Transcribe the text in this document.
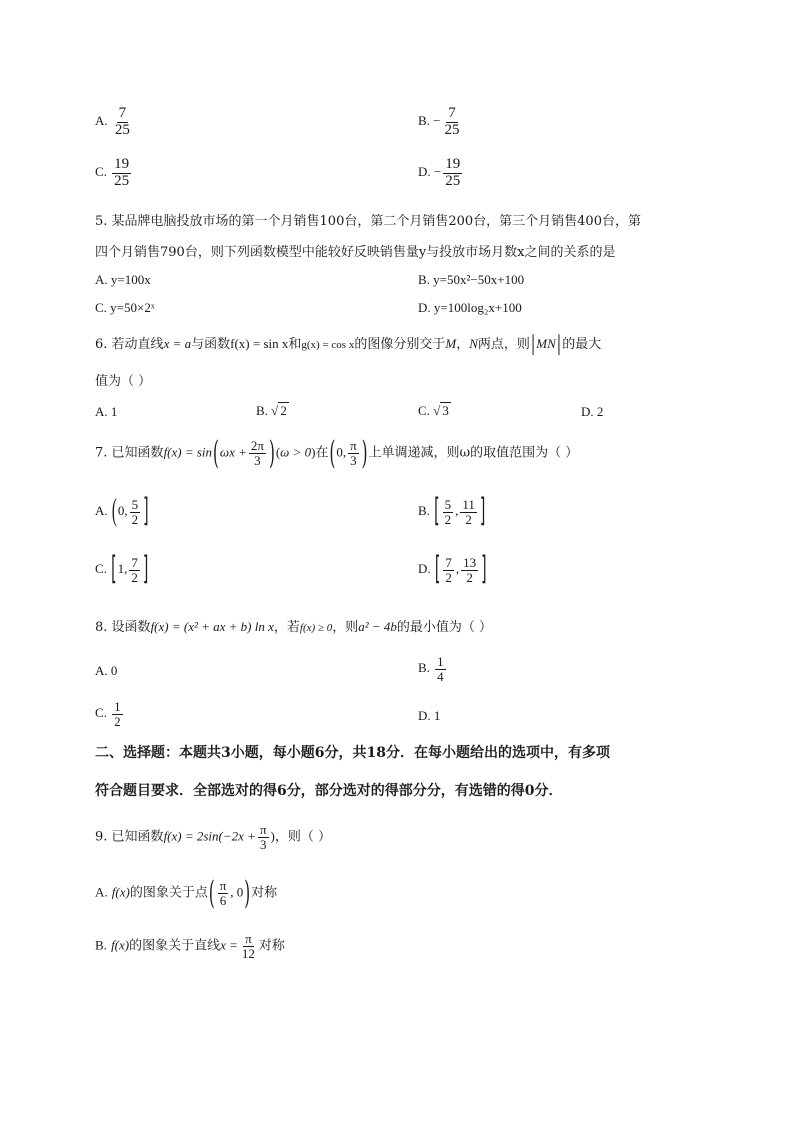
A. $\frac{7}{25}$	B. − $\frac{7}{25}$
C. $\frac{19}{25}$	D. − $\frac{19}{25}$
5. 某品牌电脑投放市场的第一个月销售100台，第二个月销售200台，第三个月销售400台，第
四个月销售790台，则下列函数模型中能较好反映销售量y与投放市场月数x之间的关系的是
A. y=100x	B. y=50x²−50x+100
C. y=50×2ˣ	D. y=100log₂x+100
6. 若动直线x = a与函数f(x) = sin x和g(x) = cos x的图像分别交于M，N两点，则|MN|的最大
值为（ ）
A. 1	B. √ 2	C. √ 3	D. 2
7. 已知函数$f(x) = \sin(\omega x + \frac{2\pi}{3} )(\omega > 0)$在(0, $\frac{\pi}{3}$ )上单调递减，则ω的取值范围为（ ）
A. (0, $\frac{5}{2}$ ]	B. [ $\frac{5}{2}$ , $\frac{11}{2}$ ]
C. [1, $\frac{7}{2}$ ]	D. [ $\frac{7}{2}$ , $\frac{13}{2}$ ]
8. 设函数f(x) = (x² + ax + b) ln x，若f(x) ≥ 0，则a² − 4b的最小值为（ ）
A. 0	B. $\frac{1}{4}$
C. $\frac{1}{2}$	D. 1
二、选择题：本题共3小题，每小题6分，共18分．在每小题给出的选项中，有多项
符合题目要求．全部选对的得6分，部分选对的得部分分，有选错的得0分．
9. 已知函数$f(x) = 2\sin(-2x + \frac{\pi}{3}$ )，则（ ）
A. f(x)的图象关于点( $\frac{\pi}{6}$ , 0)对称
B. f(x)的图象关于直线$x = \frac{\pi}{12}$ 对称
